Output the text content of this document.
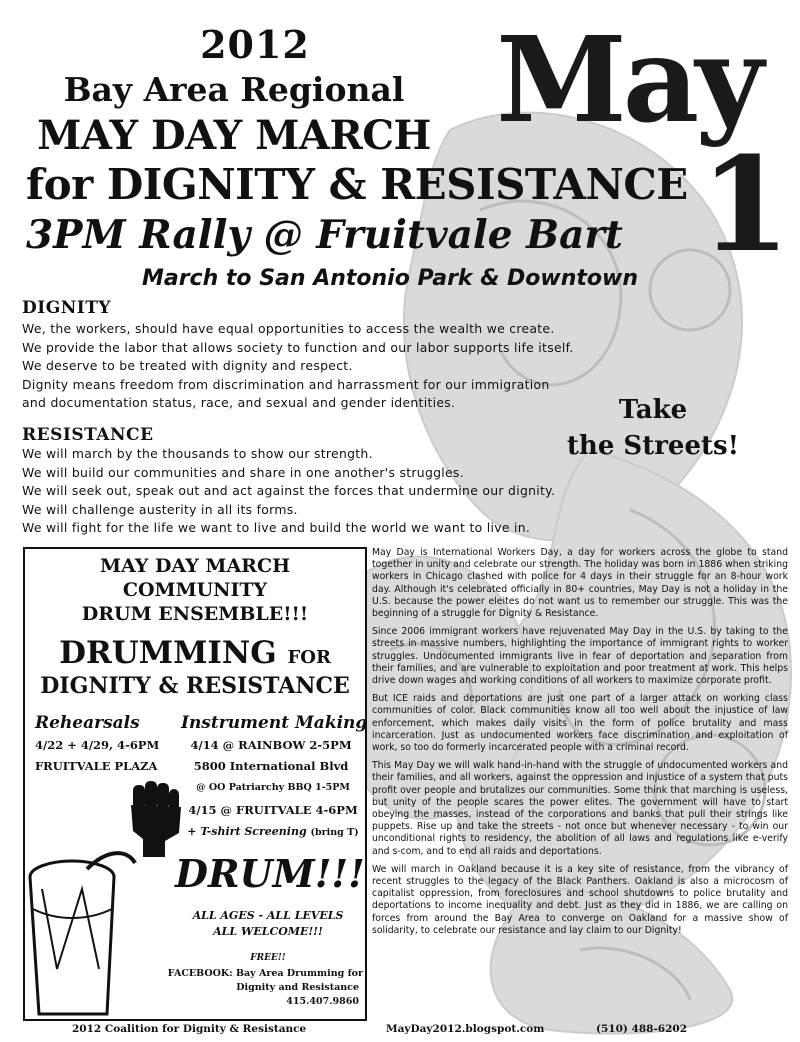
2012
Bay Area Regional
MAY DAY MARCH
for DIGNITY & RESISTANCE
3PM Rally @ Fruitvale Bart
May
1
March to San Antonio Park & Downtown
DIGNITY
We, the workers, should have equal opportunities to access the wealth we create.
We provide the labor that allows society to function and our labor supports life itself.
We deserve to be treated with dignity and respect.
Dignity means freedom from discrimination and harrassment for our immigration
and documentation status, race, and sexual and gender identities.
RESISTANCE
We will march by the thousands to show our strength.
We will build our communities and share in one another's struggles.
We will seek out, speak out and act against the forces that undermine our dignity.
We will challenge austerity in all its forms.
We will fight for the life we want to live and build the world we want to live in.
Take
the Streets!
MAY DAY MARCH
COMMUNITY
DRUM ENSEMBLE!!!
DRUMMING FOR
DIGNITY & RESISTANCE
Rehearsals
4/22 + 4/29, 4-6PM
FRUITVALE PLAZA
Instrument Making
4/14 @ RAINBOW 2-5PM
5800 International Blvd
@ OO Patriarchy BBQ 1-5PM
4/15 @ FRUITVALE 4-6PM
+ T-shirt Screening (bring T)
DRUM!!!
ALL AGES - ALL LEVELS
ALL WELCOME!!!
FREE!!
FACEBOOK: Bay Area Drumming for
Dignity and Resistance
415.407.9860

May Day is International Workers Day, a day for workers across the globe to stand together in unity and celebrate our strength. The holiday was born in 1886 when striking workers in Chicago clashed with police for 4 days in their struggle for an 8-hour work day. Although it's celebrated officially in 80+ countries, May Day is not a holiday in the U.S. because the power eleites do not want us to remember our struggle. This was the beginning of a struggle for Dignity & Resistance.

Since 2006 immigrant workers have rejuvenated May Day in the U.S. by taking to the streets in massive numbers, highlighting the importance of immigrant rights to worker struggles. Undocumented immigrants live in fear of deportation and separation from their families, and are vulnerable to exploitation and poor treatment at work. This helps drive down wages and working conditions of all workers to maximize corporate profit.

But ICE raids and deportations are just one part of a larger attack on working class communities of color. Black communities know all too well about the injustice of law enforcement, which makes daily visits in the form of police brutality and mass incarceration. Just as undocumented workers face discrimination and exploitation of work, so too do formerly incarcerated people with a criminal record.

This May Day we will walk hand-in-hand with the struggle of undocumented workers and their families, and all workers, against the oppression and injustice of a system that puts profit over people and brutalizes our communities. Some think that marching is useless, but unity of the people scares the power elites. The government will have to start obeying the masses, instead of the corporations and banks that pull their strings like puppets. Rise up and take the streets - not once but whenever necessary - to win our unconditional rights to residency, the abolition of all laws and regulations like e-verify and s-com, and to end all raids and deportations.

We will march in Oakland because it is a key site of resistance, from the vibrancy of recent struggles to the legacy of the Black Panthers. Oakland is also a microcosm of capitalist oppression, from foreclosures and school shutdowns to police brutality and deportations to income inequality and debt. Just as they did in 1886, we are calling on forces from around the Bay Area to converge on Oakland for a massive show of solidarity, to celebrate our resistance and lay claim to our Dignity!

2012 Coalition for Dignity & Resistance	MayDay2012.blogspot.com	(510) 488-6202
